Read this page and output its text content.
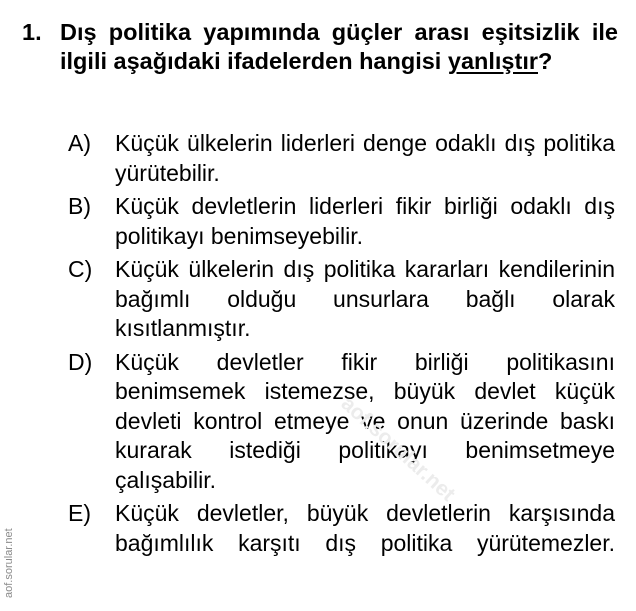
1. Dış politika yapımında güçler arası eşitsizlik ile ilgili aşağıdaki ifadelerden hangisi yanlıştır?
A)	Küçük ülkelerin liderleri denge odaklı dış politika yürütebilir.
B)	Küçük devletlerin liderleri fikir birliği odaklı dış politikayı benimseyebilir.
C) Küçük ülkelerin dış politika kararları kendilerinin bağımlı olduğu unsurlara bağlı olarak kısıtlanmıştır.
D) Küçük devletler fikir birliği politikasını benimsemek istemezse, büyük devlet küçük devleti kontrol etmeye ve onun üzerinde baskı kurarak istediği politikayı benimsetmeye çalışabilir.
E)	Küçük devletler, büyük devletlerin karşısında bağımlılık karşıtı dış politika yürütemezler.
aof.sorular.net
aof.sorular.net
